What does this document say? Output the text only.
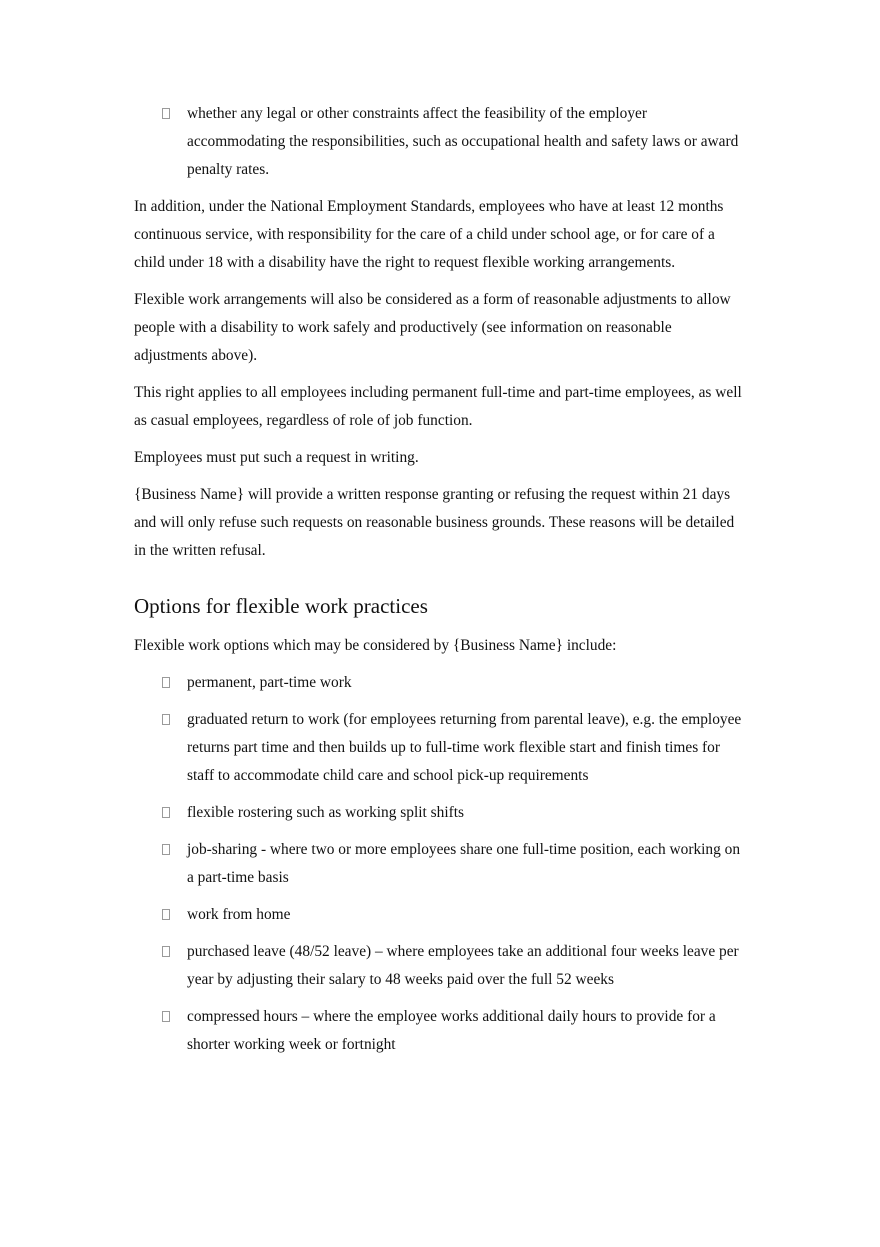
whether any legal or other constraints affect the feasibility of the employer accommodating the responsibilities, such as occupational health and safety laws or award penalty rates.

In addition, under the National Employment Standards, employees who have at least 12 months continuous service, with responsibility for the care of a child under school age, or for care of a child under 18 with a disability have the right to request flexible working arrangements.

Flexible work arrangements will also be considered as a form of reasonable adjustments to allow people with a disability to work safely and productively (see information on reasonable adjustments above).

This right applies to all employees including permanent full-time and part-time employees, as well as casual employees, regardless of role of job function.

Employees must put such a request in writing.

{Business Name} will provide a written response granting or refusing the request within 21 days and will only refuse such requests on reasonable business grounds. These reasons will be detailed in the written refusal.

Options for flexible work practices

Flexible work options which may be considered by {Business Name} include:

permanent, part-time work
graduated return to work (for employees returning from parental leave), e.g. the employee returns part time and then builds up to full-time work flexible start and finish times for staff to accommodate child care and school pick-up requirements
flexible rostering such as working split shifts
job-sharing - where two or more employees share one full-time position, each working on a part-time basis
work from home
purchased leave (48/52 leave) – where employees take an additional four weeks leave per year by adjusting their salary to 48 weeks paid over the full 52 weeks
compressed hours – where the employee works additional daily hours to provide for a shorter working week or fortnight
